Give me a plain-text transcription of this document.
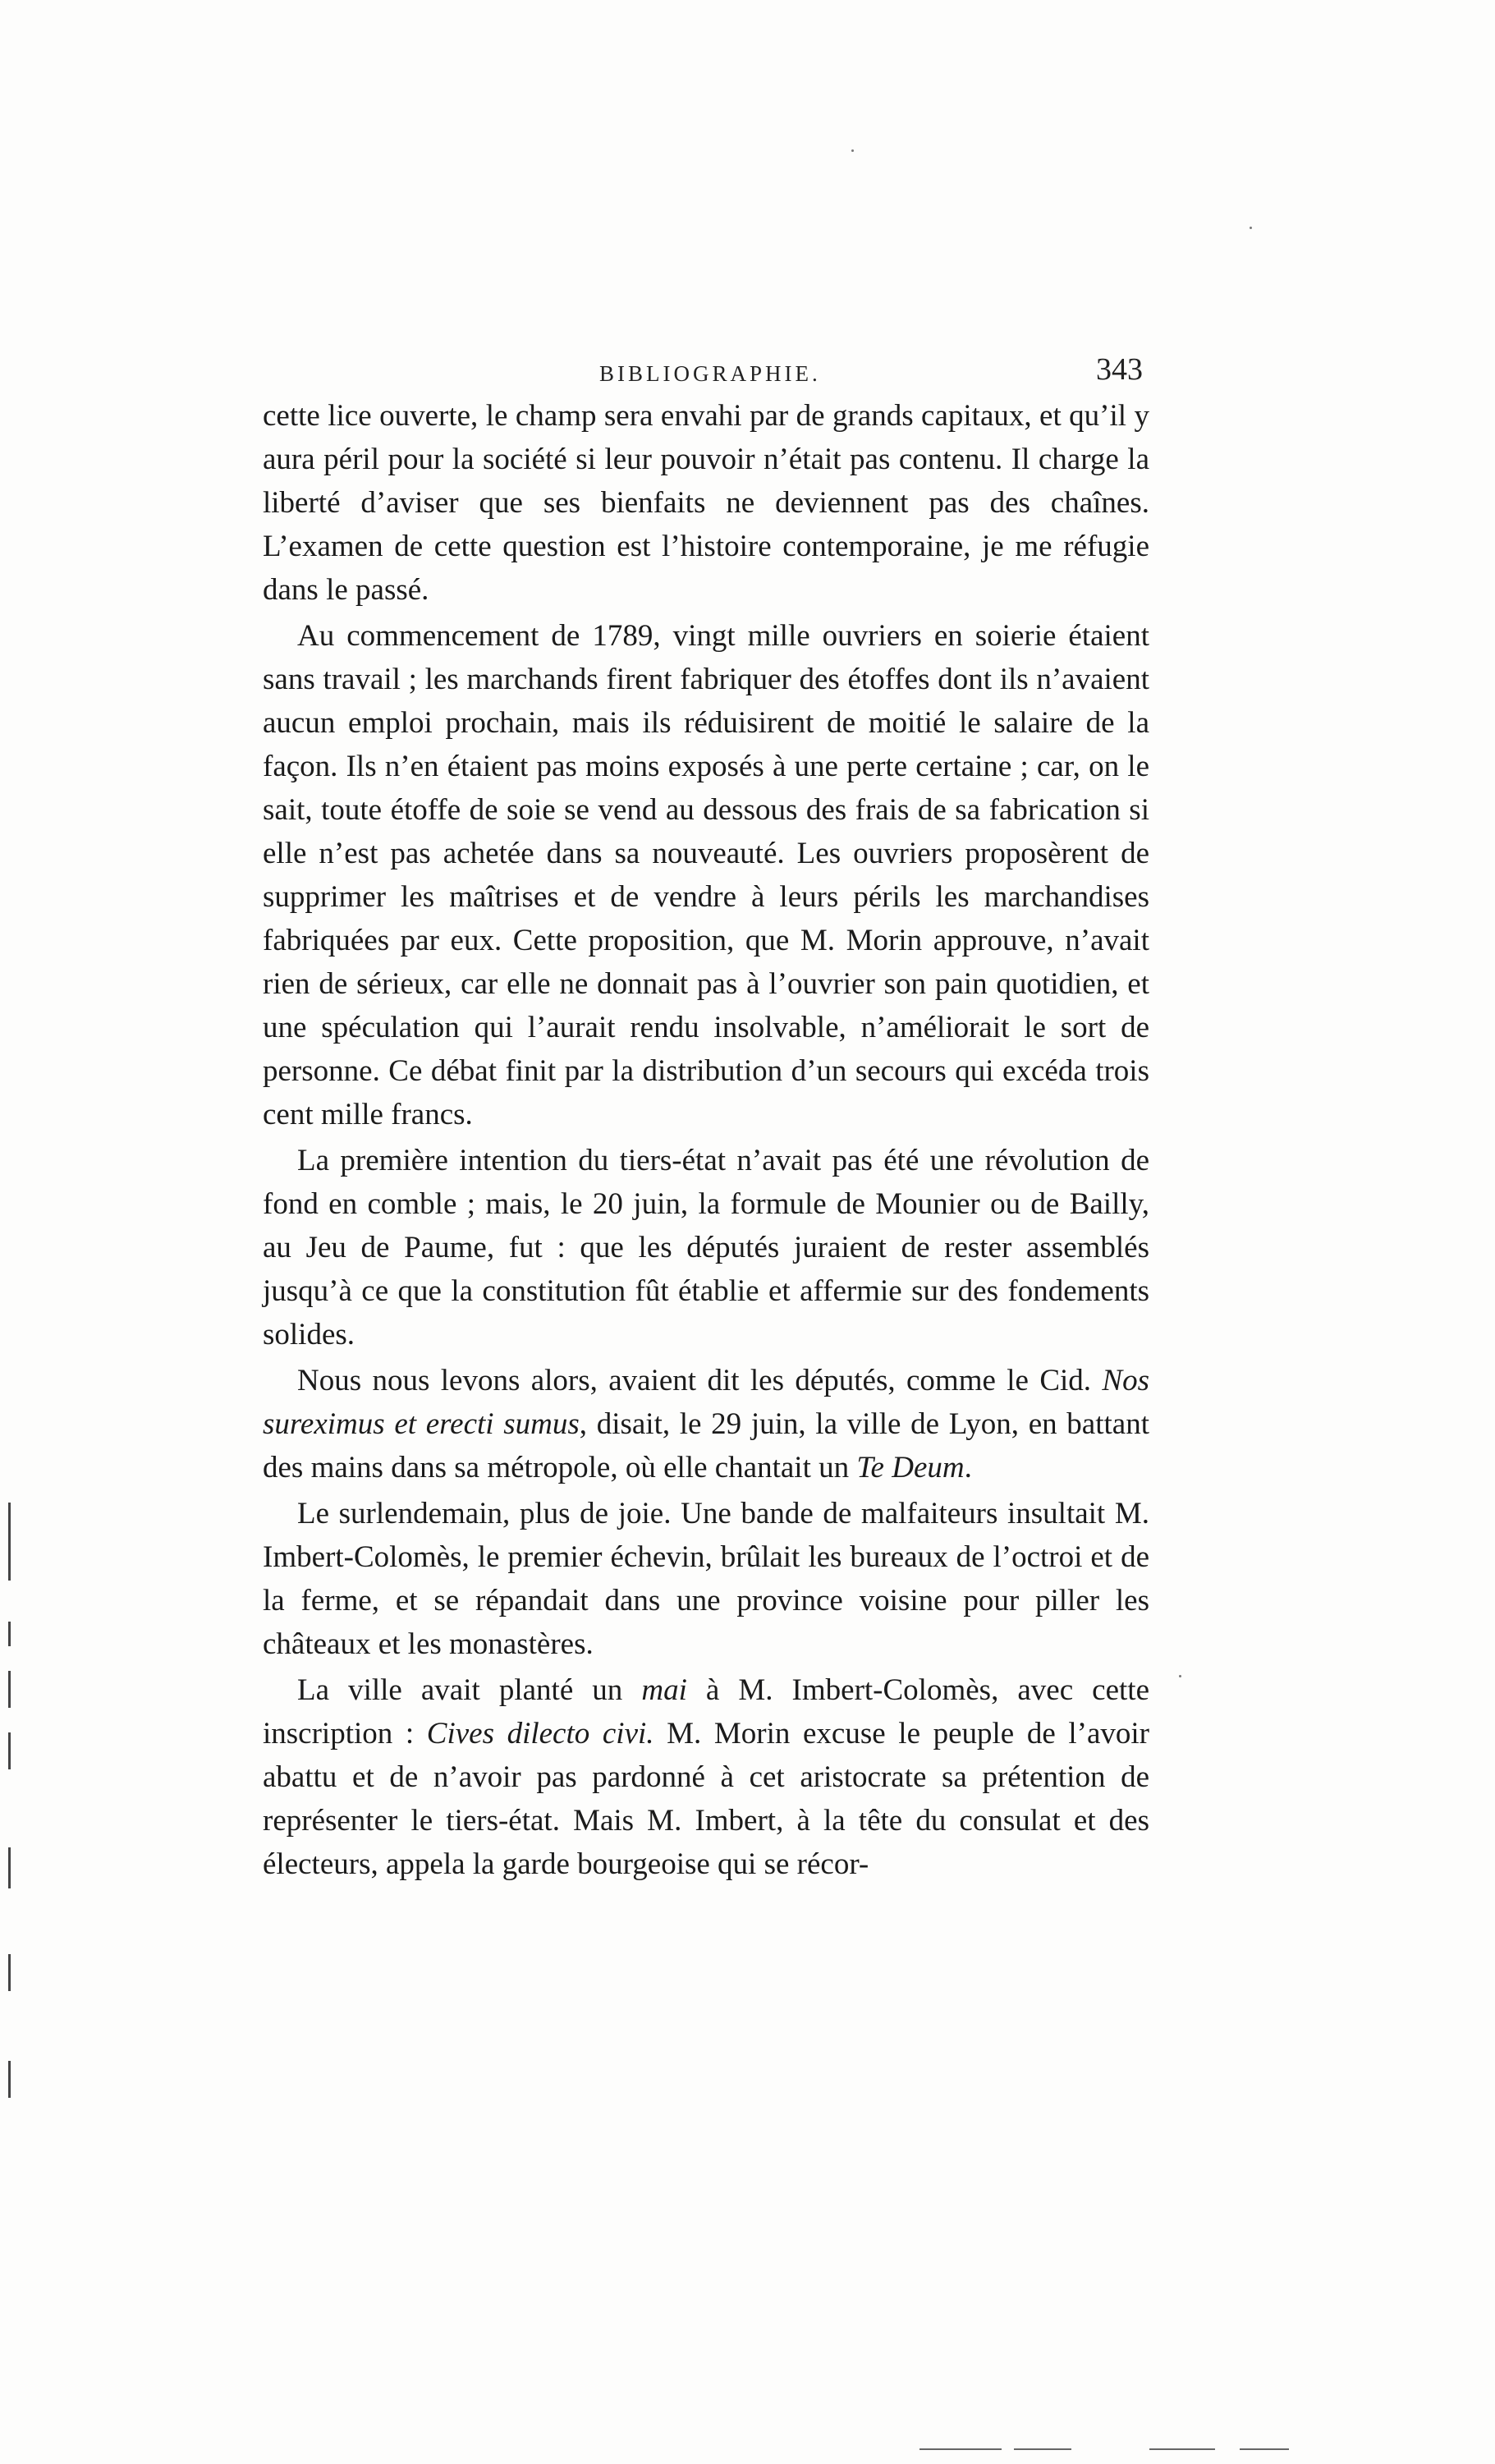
BIBLIOGRAPHIE.	343

cette lice ouverte, le champ sera envahi par de grands capitaux, et qu’il y aura péril pour la société si leur pouvoir n’était pas contenu. Il charge la liberté d’aviser que ses bienfaits ne deviennent pas des chaînes. L’examen de cette question est l’histoire contemporaine, je me réfugie dans le passé.

Au commencement de 1789, vingt mille ouvriers en soierie étaient sans travail ; les marchands firent fabriquer des étoffes dont ils n’avaient aucun emploi prochain, mais ils réduisirent de moitié le salaire de la façon. Ils n’en étaient pas moins exposés à une perte certaine ; car, on le sait, toute étoffe de soie se vend au dessous des frais de sa fabrication si elle n’est pas achetée dans sa nouveauté. Les ouvriers proposèrent de supprimer les maîtrises et de vendre à leurs périls les marchandises fabriquées par eux. Cette proposition, que M. Morin approuve, n’avait rien de sérieux, car elle ne donnait pas à l’ouvrier son pain quotidien, et une spéculation qui l’aurait rendu insolvable, n’améliorait le sort de personne. Ce débat finit par la distribution d’un secours qui excéda trois cent mille francs.

La première intention du tiers-état n’avait pas été une révolution de fond en comble ; mais, le 20 juin, la formule de Mounier ou de Bailly, au Jeu de Paume, fut : que les députés juraient de rester assemblés jusqu’à ce que la constitution fût établie et affermie sur des fondements solides.

Nous nous levons alors, avaient dit les députés, comme le Cid. Nos sureximus et erecti sumus, disait, le 29 juin, la ville de Lyon, en battant des mains dans sa métropole, où elle chantait un Te Deum.

Le surlendemain, plus de joie. Une bande de malfaiteurs insultait M. Imbert-Colomès, le premier échevin, brûlait les bureaux de l’octroi et de la ferme, et se répandait dans une province voisine pour piller les châteaux et les monastères.

La ville avait planté un mai à M. Imbert-Colomès, avec cette inscription : Cives dilecto civi. M. Morin excuse le peuple de l’avoir abattu et de n’avoir pas pardonné à cet aristocrate sa prétention de représenter le tiers-état. Mais M. Imbert, à la tête du consulat et des électeurs, appela la garde bourgeoise qui se récor-
